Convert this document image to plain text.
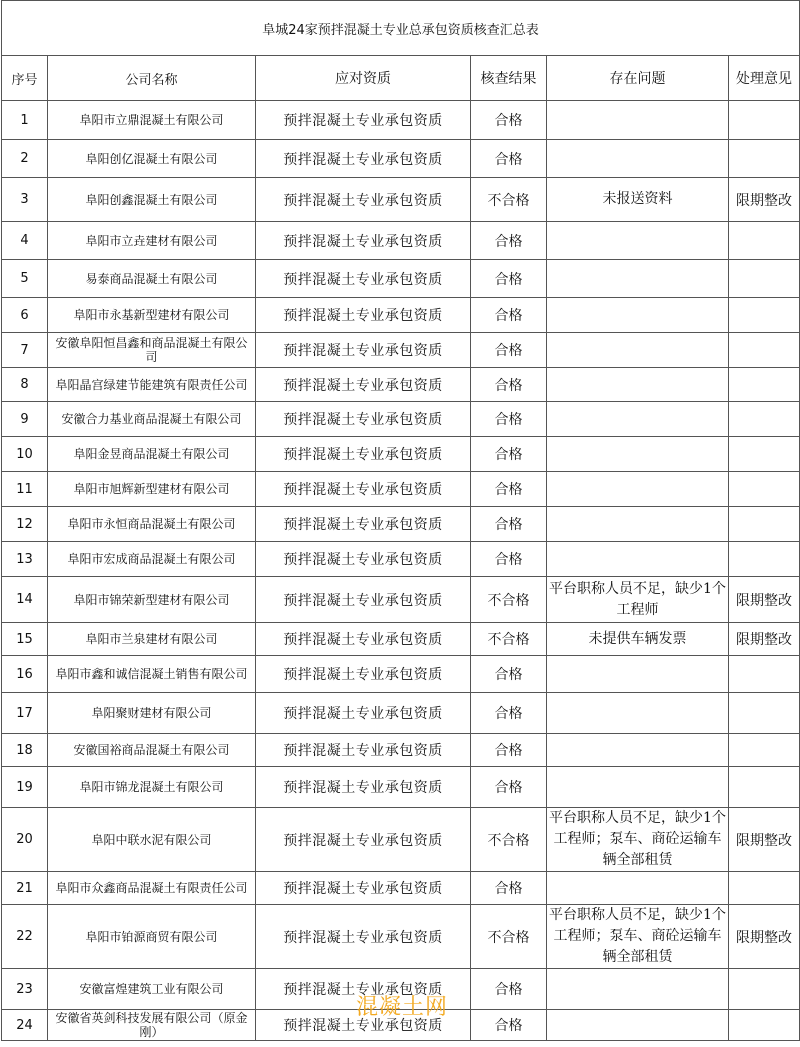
阜城24家预拌混凝土专业总承包资质核查汇总表					
序号	公司名称	应对资质	核查结果	存在问题	处理意见
1	阜阳市立鼎混凝土有限公司	预拌混凝土专业承包资质	合格		
2	阜阳创亿混凝土有限公司	预拌混凝土专业承包资质	合格		
3	阜阳创鑫混凝土有限公司	预拌混凝土专业承包资质	不合格	未报送资料	限期整改
4	阜阳市立垚建材有限公司	预拌混凝土专业承包资质	合格		
5	易泰商品混凝土有限公司	预拌混凝土专业承包资质	合格		
6	阜阳市永基新型建材有限公司	预拌混凝土专业承包资质	合格		
7	安徽阜阳恒昌鑫和商品混凝土有限公司	预拌混凝土专业承包资质	合格		
8	阜阳晶宫绿建节能建筑有限责任公司	预拌混凝土专业承包资质	合格		
9	安徽合力基业商品混凝土有限公司	预拌混凝土专业承包资质	合格		
10	阜阳金昱商品混凝土有限公司	预拌混凝土专业承包资质	合格		
11	阜阳市旭辉新型建材有限公司	预拌混凝土专业承包资质	合格		
12	阜阳市永恒商品混凝土有限公司	预拌混凝土专业承包资质	合格		
13	阜阳市宏成商品混凝土有限公司	预拌混凝土专业承包资质	合格		
14	阜阳市锦荣新型建材有限公司	预拌混凝土专业承包资质	不合格	平台职称人员不足，缺少1个工程师	限期整改
15	阜阳市兰泉建材有限公司	预拌混凝土专业承包资质	不合格	未提供车辆发票	限期整改
16	阜阳市鑫和诚信混凝土销售有限公司	预拌混凝土专业承包资质	合格		
17	阜阳聚财建材有限公司	预拌混凝土专业承包资质	合格		
18	安徽国裕商品混凝土有限公司	预拌混凝土专业承包资质	合格		
19	阜阳市锦龙混凝土有限公司	预拌混凝土专业承包资质	合格		
20	阜阳中联水泥有限公司	预拌混凝土专业承包资质	不合格	平台职称人员不足，缺少1个工程师；泵车、商砼运输车辆全部租赁	限期整改
21	阜阳市众鑫商品混凝土有限责任公司	预拌混凝土专业承包资质	合格		
22	阜阳市铂源商贸有限公司	预拌混凝土专业承包资质	不合格	平台职称人员不足，缺少1个工程师；泵车、商砼运输车辆全部租赁	限期整改
23	安徽富煌建筑工业有限公司	预拌混凝土专业承包资质	合格		
24	安徽省英剑科技发展有限公司（原金刚）	预拌混凝土专业承包资质	合格		
混凝土网
